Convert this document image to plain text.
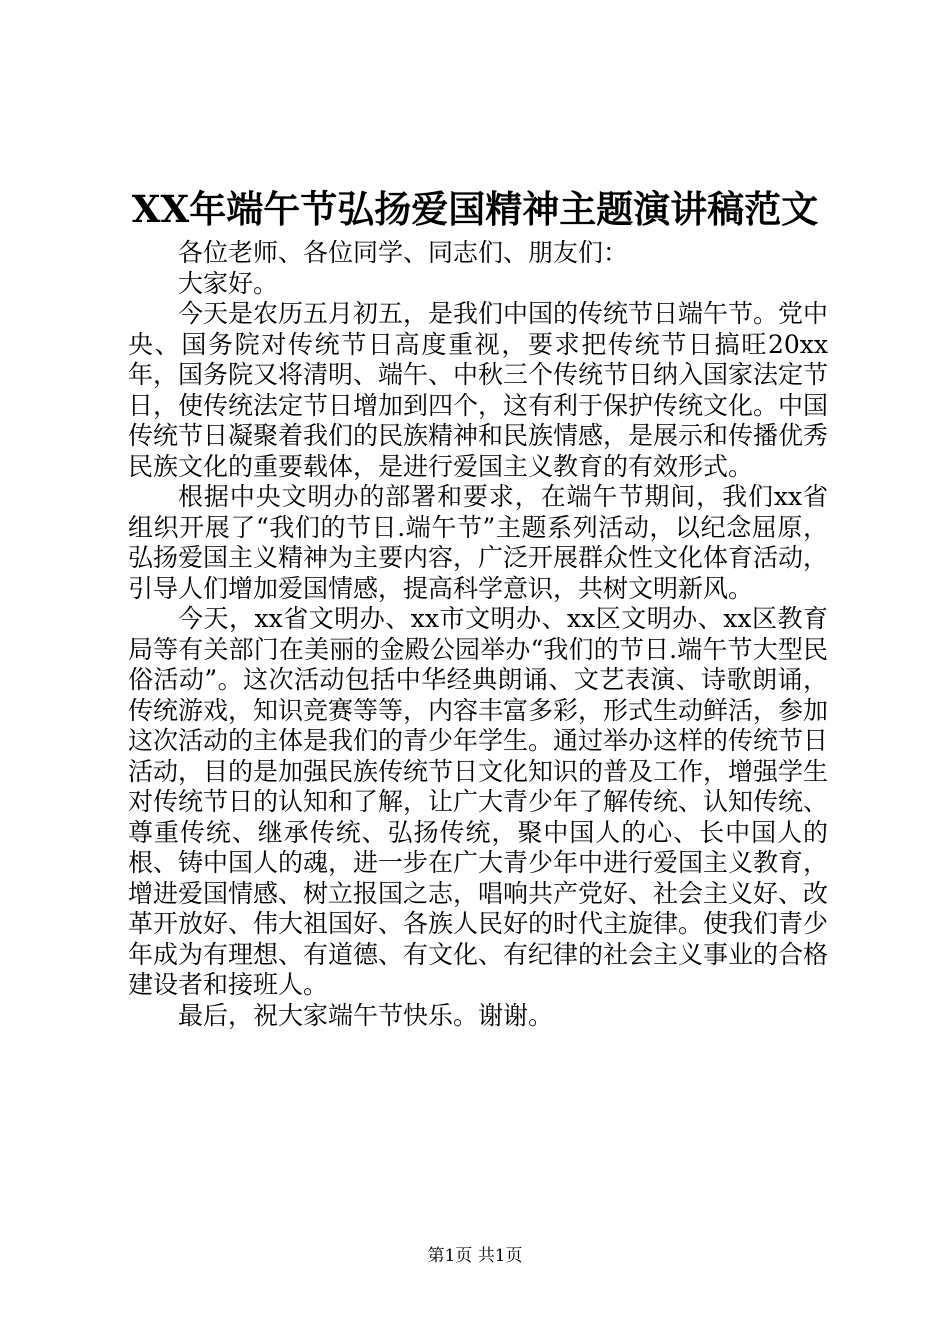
XX年端午节弘扬爱国精神主题演讲稿范文

各位老师、各位同学、同志们、朋友们：

大家好。

今天是农历五月初五，是我们中国的传统节日端午节。党中央、国务院对传统节日高度重视，要求把传统节日搞旺20xx年，国务院又将清明、端午、中秋三个传统节日纳入国家法定节日，使传统法定节日增加到四个，这有利于保护传统文化。中国传统节日凝聚着我们的民族精神和民族情感，是展示和传播优秀民族文化的重要载体，是进行爱国主义教育的有效形式。

根据中央文明办的部署和要求，在端午节期间，我们xx省组织开展了“我们的节日.端午节”主题系列活动，以纪念屈原，弘扬爱国主义精神为主要内容，广泛开展群众性文化体育活动，引导人们增加爱国情感，提高科学意识，共树文明新风。

今天，xx省文明办、xx市文明办、xx区文明办、xx区教育局等有关部门在美丽的金殿公园举办“我们的节日.端午节大型民俗活动”。这次活动包括中华经典朗诵、文艺表演、诗歌朗诵，传统游戏，知识竞赛等等，内容丰富多彩，形式生动鲜活，参加这次活动的主体是我们的青少年学生。通过举办这样的传统节日活动，目的是加强民族传统节日文化知识的普及工作，增强学生对传统节日的认知和了解，让广大青少年了解传统、认知传统、尊重传统、继承传统、弘扬传统，聚中国人的心、长中国人的根、铸中国人的魂，进一步在广大青少年中进行爱国主义教育，增进爱国情感、树立报国之志，唱响共产党好、社会主义好、改革开放好、伟大祖国好、各族人民好的时代主旋律。使我们青少年成为有理想、有道德、有文化、有纪律的社会主义事业的合格建设者和接班人。

最后，祝大家端午节快乐。谢谢。

第1页 共1页
